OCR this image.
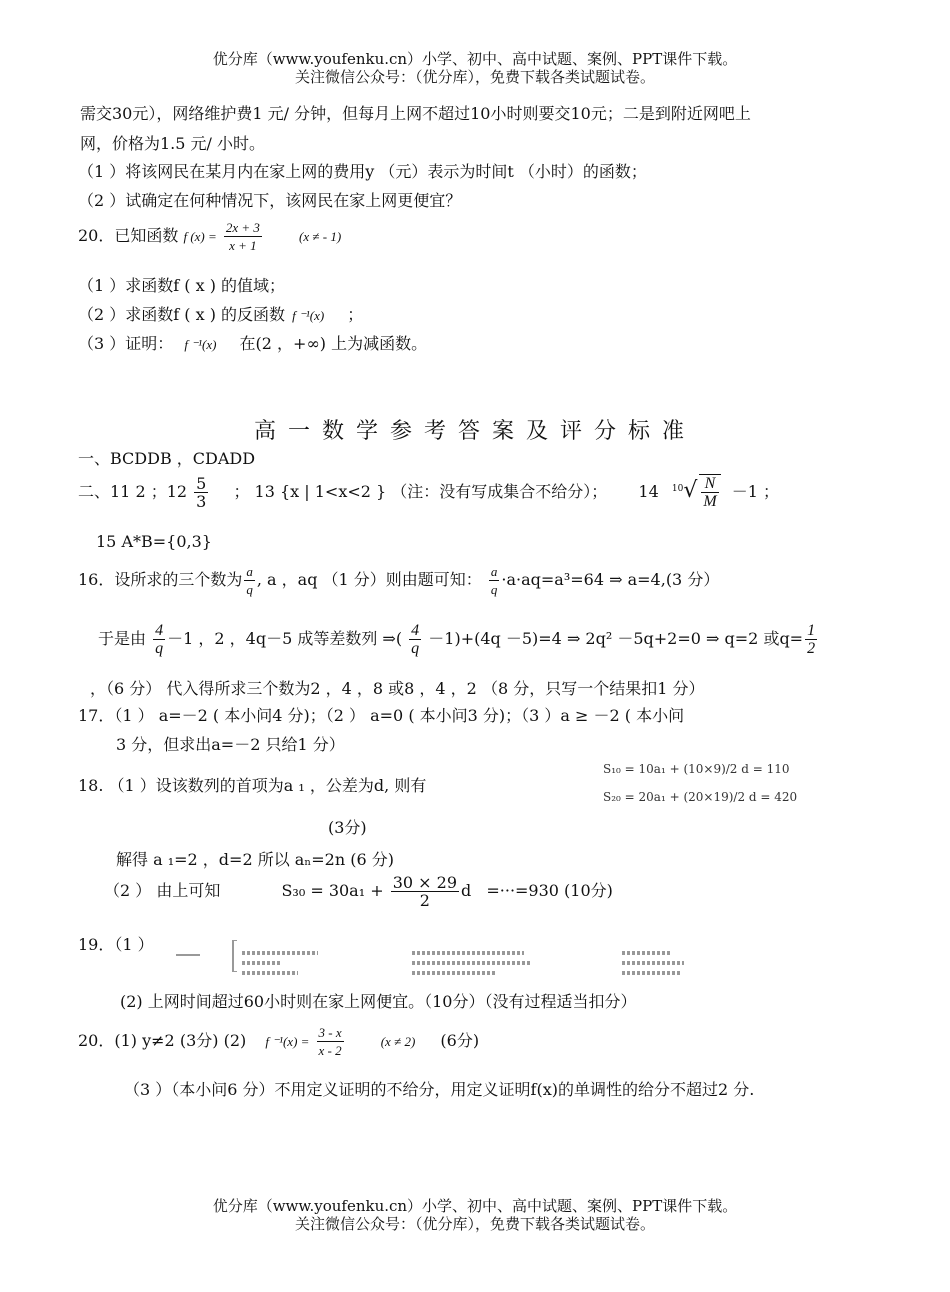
优分库（www.youfenku.cn）小学、初中、高中试题、案例、PPT课件下载。
关注微信公众号：（优分库），免费下载各类试题试卷。
需交30元），网络维护费1 元/ 分钟，但每月上网不超过10小时则要交10元；二是到附近网吧上
网，价格为1.5 元/ 小时。
（1 ）将该网民在某月内在家上网的费用y （元）表示为时间t （小时）的函数；
（2 ）试确定在何种情况下，该网民在家上网更便宜？
20．已知函数 f $(x) = \frac{2x + 3}{x + 1}$	(x ≠ - 1)
（1 ）求函数f ( x ) 的值域；
（2 ）求函数f ( x ) 的反函数 f ⁻¹(x) ；
（3 ）证明： f ⁻¹(x) 在(2 ，+∞) 上为减函数。
高一数学参考答案及评分标准
一、BCDDB ，CDADD
二、11 2 ；$12 \frac{5}{3}$ ； 13 {x | 1<x<2 } （注：没有写成集合不给分）； 14 $^{10}√ \frac{N}{M} -1$ ；
15 A*B={0,3}
16．设所求的三个数为 $\frac{a}{q}$ , a ，aq （1 分）则由题可知： $\frac{a}{q} \cdot a\cdot aq=a^3=64$ ⇒ a=4,(3 分）
于是由 $\frac{4}{q} -1$ ，2 ，4q－5 成等差数列 ⇒( $\frac{4}{q} -1)+(4q -5)=4$ ⇒ 2q² －5q+2=0 ⇒ q=2 或$q= \frac{1}{2}$
，（6 分） 代入得所求三个数为2 ，4 ，8 或8 ，4 ，2 （8 分，只写一个结果扣1 分）
17．（1 ） a=－2 ( 本小问4 分)；（2 ） a=0 ( 本小问3 分)；（3 ）a ≥ －2 ( 本小问
3 分，但求出a=－2 只给1 分）
18. （1 ）设该数列的首项为a ₁ ，公差为d, 则有
S₁₀ = 10a₁ + (10×9)/2 d = 110
S₂₀ = 20a₁ + (20×19)/2 d = 420
(3分)
解得 a ₁=2 ，d=2 所以 aₙ=2n (6 分)
（2 ） 由上可知	$S_{30} = 30a_1 + \frac{30 \times 29}{2}$ d =···=930 (10分)
19．（1 ）
(2) 上网时间超过60小时则在家上网便宜。（10分）（没有过程适当扣分）
20．(1) y≠2 (3分) (2) f $^{-1}(x) = \frac{3 - x}{x - 2}$	(x ≠ 2) (6分)
（3 ）（本小问6 分）不用定义证明的不给分，用定义证明f(x)的单调性的给分不超过2 分.
优分库（www.youfenku.cn）小学、初中、高中试题、案例、PPT课件下载。
关注微信公众号：（优分库），免费下载各类试题试卷。
